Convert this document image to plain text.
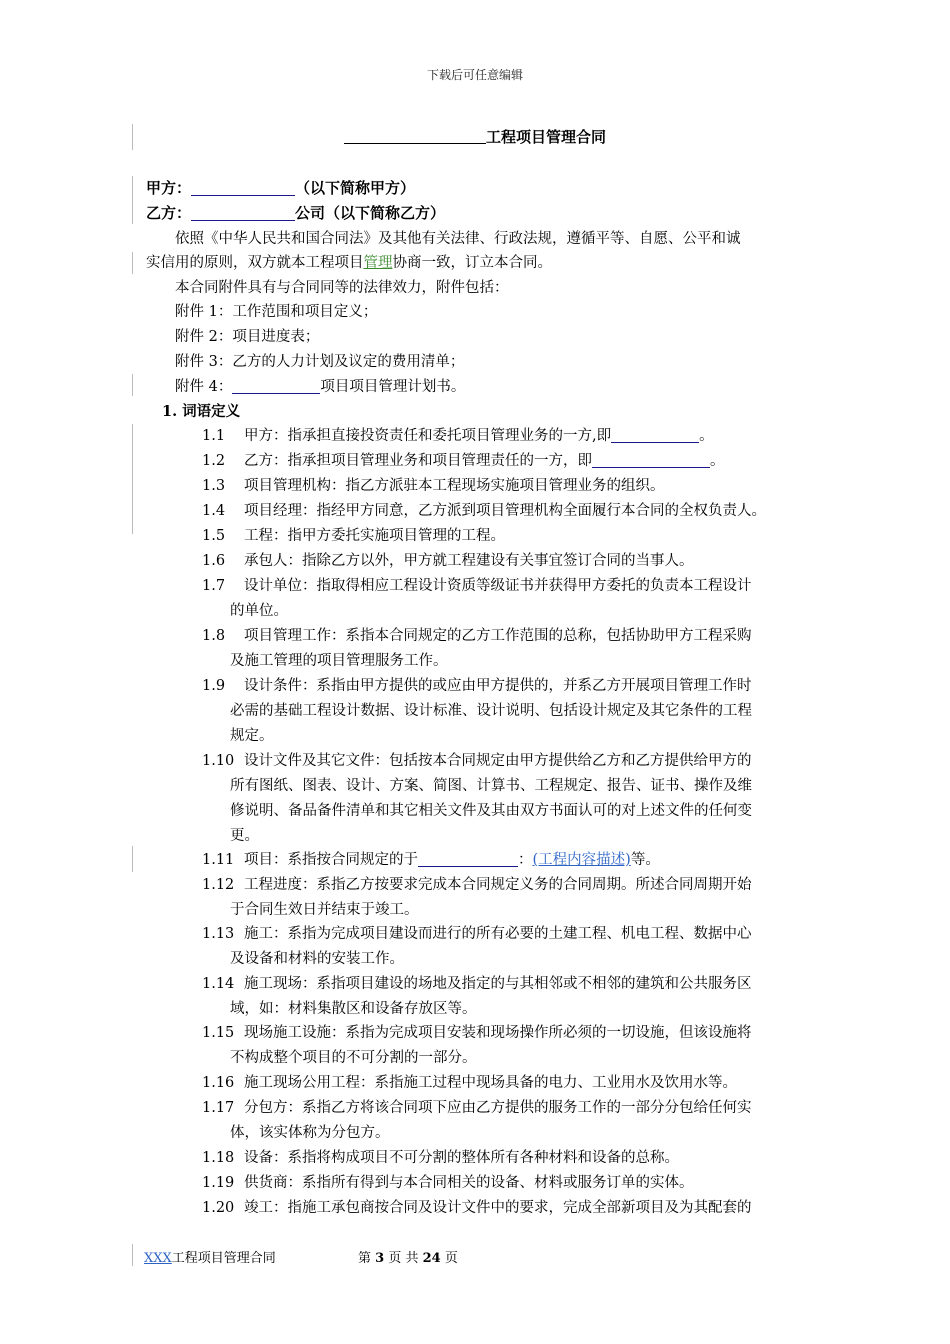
下载后可任意编辑
工程项目管理合同
甲方：	（以下简称甲方）
乙方：	公司（以下简称乙方）
依照《中华人民共和国合同法》及其他有关法律、行政法规，遵循平等、自愿、公平和诚
实信用的原则，双方就本工程项目管理协商一致，订立本合同。
本合同附件具有与合同同等的法律效力，附件包括：
附件 1：工作范围和项目定义；
附件 2：项目进度表；
附件 3：乙方的人力计划及议定的费用清单；
附件 4：	项目项目管理计划书。
1. 词语定义
1.1 甲方：指承担直接投资责任和委托项目管理业务的一方,即	。
1.2 乙方：指承担项目管理业务和项目管理责任的一方，即	。
1.3 项目管理机构：指乙方派驻本工程现场实施项目管理业务的组织。
1.4 项目经理：指经甲方同意，乙方派到项目管理机构全面履行本合同的全权负责人。
1.5 工程：指甲方委托实施项目管理的工程。
1.6 承包人：指除乙方以外，甲方就工程建设有关事宜签订合同的当事人。
1.7 设计单位：指取得相应工程设计资质等级证书并获得甲方委托的负责本工程设计
的单位。
1.8 项目管理工作：系指本合同规定的乙方工作范围的总称，包括协助甲方工程采购
及施工管理的项目管理服务工作。
1.9 设计条件：系指由甲方提供的或应由甲方提供的，并系乙方开展项目管理工作时
必需的基础工程设计数据、设计标准、设计说明、包括设计规定及其它条件的工程
规定。
1.10 设计文件及其它文件：包括按本合同规定由甲方提供给乙方和乙方提供给甲方的
所有图纸、图表、设计、方案、简图、计算书、工程规定、报告、证书、操作及维
修说明、备品备件清单和其它相关文件及其由双方书面认可的对上述文件的任何变
更。
1.11 项目：系指按合同规定的于	：(工程内容描述)等。
1.12 工程进度：系指乙方按要求完成本合同规定义务的合同周期。所述合同周期开始
于合同生效日并结束于竣工。
1.13 施工：系指为完成项目建设而进行的所有必要的土建工程、机电工程、数据中心
及设备和材料的安装工作。
1.14 施工现场：系指项目建设的场地及指定的与其相邻或不相邻的建筑和公共服务区
域，如：材料集散区和设备存放区等。
1.15 现场施工设施：系指为完成项目安装和现场操作所必须的一切设施，但该设施将
不构成整个项目的不可分割的一部分。
1.16 施工现场公用工程：系指施工过程中现场具备的电力、工业用水及饮用水等。
1.17 分包方：系指乙方将该合同项下应由乙方提供的服务工作的一部分分包给任何实
体，该实体称为分包方。
1.18 设备：系指将构成项目不可分割的整体所有各种材料和设备的总称。
1.19 供货商：系指所有得到与本合同相关的设备、材料或服务订单的实体。
1.20 竣工：指施工承包商按合同及设计文件中的要求，完成全部新项目及为其配套的
XXX工程项目管理合同	第 3 页 共 24 页
